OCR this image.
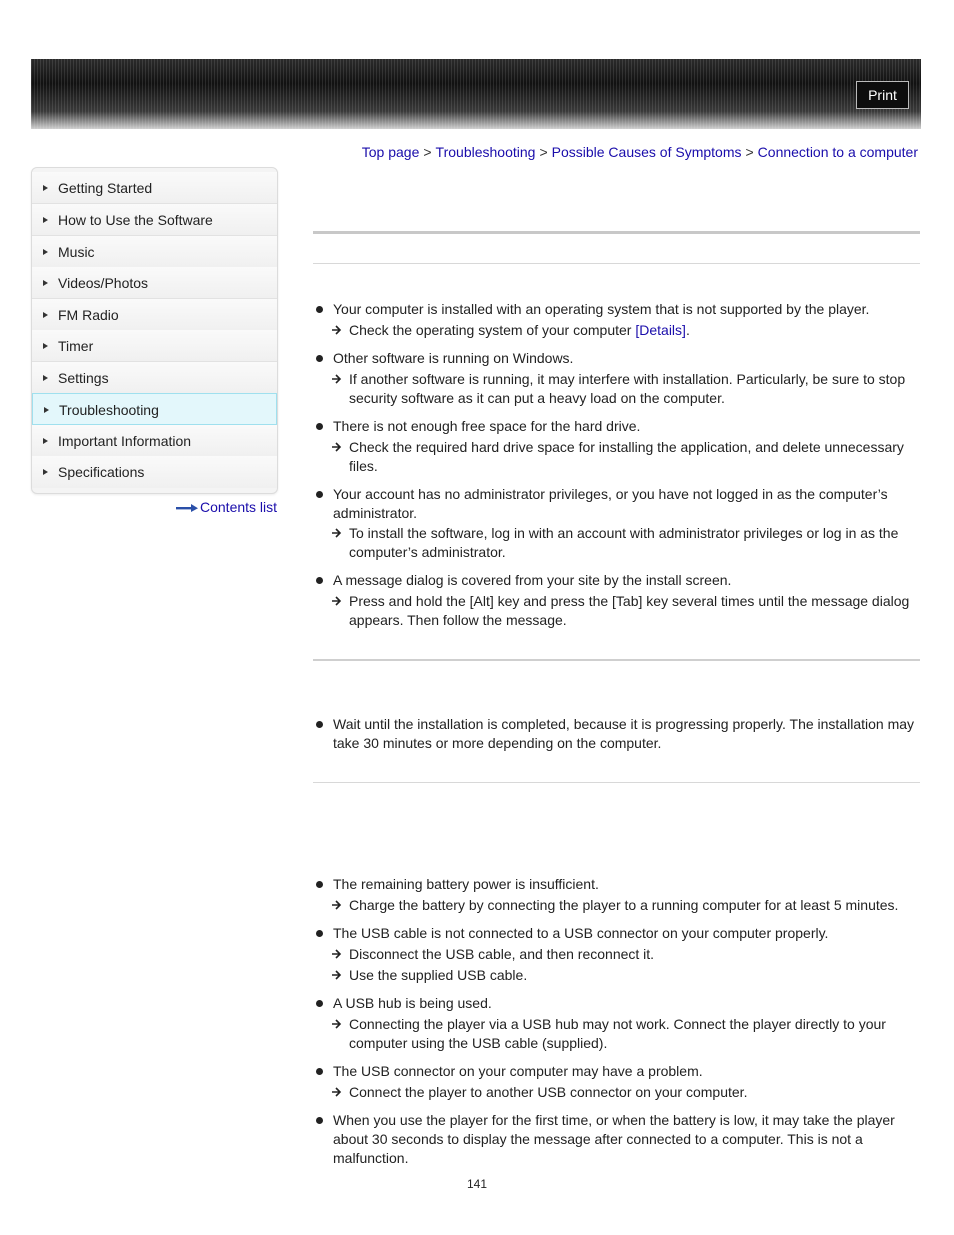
Print
Top page > Troubleshooting > Possible Causes of Symptoms > Connection to a computer
Getting Started
How to Use the Software
Music
Videos/Photos
FM Radio
Timer
Settings
Troubleshooting
Important Information
Specifications
Contents list
Your computer is installed with an operating system that is not supported by the player.
Check the operating system of your computer [Details].
Other software is running on Windows.
If another software is running, it may interfere with installation. Particularly, be sure to stop security software as it can put a heavy load on the computer.
There is not enough free space for the hard drive.
Check the required hard drive space for installing the application, and delete unnecessary files.
Your account has no administrator privileges, or you have not logged in as the computer’s administrator.
To install the software, log in with an account with administrator privileges or log in as the computer’s administrator.
A message dialog is covered from your site by the install screen.
Press and hold the [Alt] key and press the [Tab] key several times until the message dialog appears. Then follow the message.
Wait until the installation is completed, because it is progressing properly. The installation may take 30 minutes or more depending on the computer.
The remaining battery power is insufficient.
Charge the battery by connecting the player to a running computer for at least 5 minutes.
The USB cable is not connected to a USB connector on your computer properly.
Disconnect the USB cable, and then reconnect it.
Use the supplied USB cable.
A USB hub is being used.
Connecting the player via a USB hub may not work. Connect the player directly to your computer using the USB cable (supplied).
The USB connector on your computer may have a problem.
Connect the player to another USB connector on your computer.
When you use the player for the first time, or when the battery is low, it may take the player about 30 seconds to display the message after connected to a computer. This is not a malfunction.
141
